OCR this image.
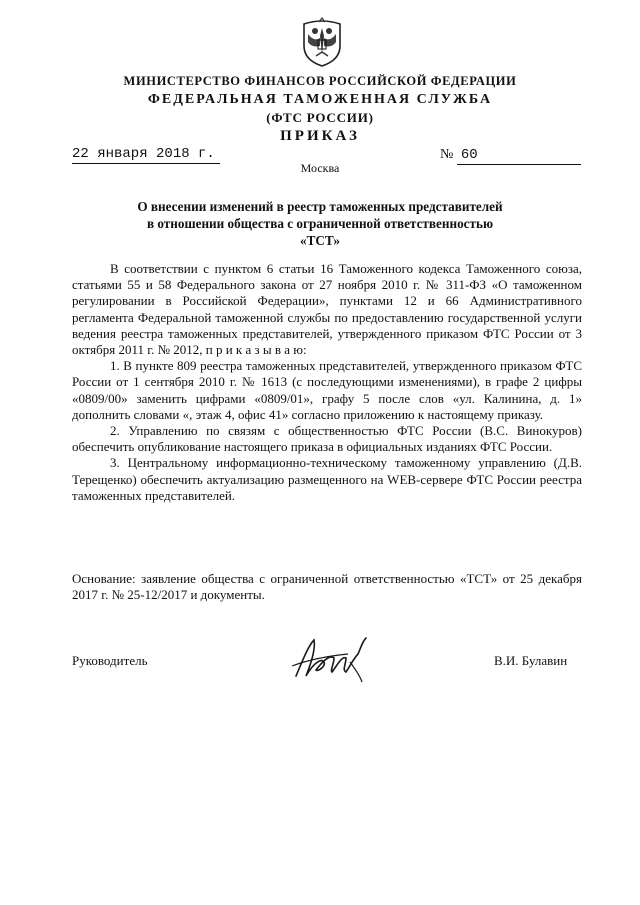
МИНИСТЕРСТВО ФИНАНСОВ РОССИЙСКОЙ ФЕДЕРАЦИИ
ФЕДЕРАЛЬНАЯ ТАМОЖЕННАЯ СЛУЖБА
(ФТС РОССИИ)
ПРИКАЗ
22 января 2018 г.	№ 60
Москва
О внесении изменений в реестр таможенных представителей
в отношении общества с ограниченной ответственностью
«ТСТ»

В соответствии с пунктом 6 статьи 16 Таможенного кодекса Таможенного союза, статьями 55 и 58 Федерального закона от 27 ноября 2010 г. № 311-ФЗ «О таможенном регулировании в Российской Федерации», пунктами 12 и 66 Административного регламента Федеральной таможенной службы по предоставлению государственной услуги ведения реестра таможенных представителей, утвержденного приказом ФТС России от 3 октября 2011 г. № 2012, п р и к а з ы в а ю:

1. В пункте 809 реестра таможенных представителей, утвержденного приказом ФТС России от 1 сентября 2010 г. № 1613 (с последующими изменениями), в графе 2 цифры «0809/00» заменить цифрами «0809/01», графу 5 после слов «ул. Калинина, д. 1» дополнить словами «, этаж 4, офис 41» согласно приложению к настоящему приказу.

2. Управлению по связям с общественностью ФТС России (В.С. Винокуров) обеспечить опубликование настоящего приказа в официальных изданиях ФТС России.

3. Центральному информационно-техническому таможенному управлению (Д.В. Терещенко) обеспечить актуализацию размещенного на WEB-сервере ФТС России реестра таможенных представителей.

Основание: заявление общества с ограниченной ответственностью «ТСТ» от 25 декабря 2017 г. № 25-12/2017 и документы.
Руководитель	В.И. Булавин
